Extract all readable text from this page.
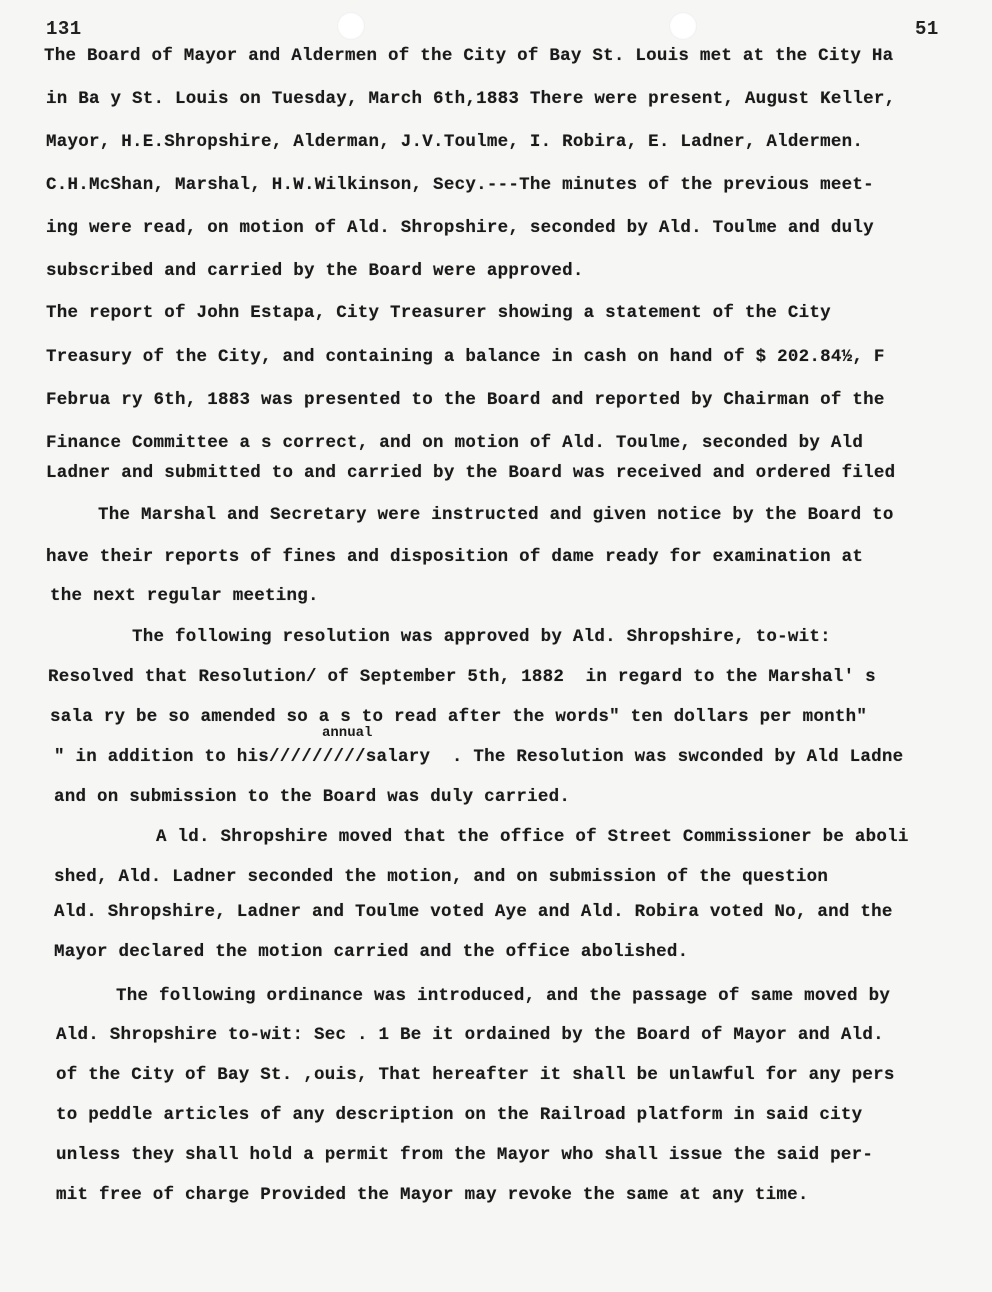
131	51
The Board of Mayor and Aldermen of the City of Bay St. Louis met at the City Ha
in Ba y St. Louis on Tuesday, March 6th,1883 There were present, August Keller,
Mayor, H.E.Shropshire, Alderman, J.V.Toulme, I. Robira, E. Ladner, Aldermen.
C.H.McShan, Marshal, H.W.Wilkinson, Secy.---The minutes of the previous meet-
ing were read, on motion of Ald. Shropshire, seconded by Ald. Toulme and duly
subscribed and carried by the Board were approved.
The report of John Estapa, City Treasurer showing a statement of the City
Treasury of the City, and containing a balance in cash on hand of $ 202.84½, F
Februa ry 6th, 1883 was presented to the Board and reported by Chairman of the
Finance Committee a s correct, and on motion of Ald. Toulme, seconded by Ald
Ladner and submitted to and carried by the Board was received and ordered filed
The Marshal and Secretary were instructed and given notice by the Board to
have their reports of fines and disposition of dame ready for examination at
the next regular meeting.
The following resolution was approved by Ald. Shropshire, to-wit:
Resolved that Resolution/ of September 5th, 1882  in regard to the Marshal' s
sala ry be so amended so a s to read after the words" ten dollars per month"
annual
" in addition to his/////////salary  . The Resolution was swconded by Ald Ladne
and on submission to the Board was duly carried.
A ld. Shropshire moved that the office of Street Commissioner be aboli
shed, Ald. Ladner seconded the motion, and on submission of the question
Ald. Shropshire, Ladner and Toulme voted Aye and Ald. Robira voted No, and the
Mayor declared the motion carried and the office abolished.
The following ordinance was introduced, and the passage of same moved by
Ald. Shropshire to-wit: Sec . 1 Be it ordained by the Board of Mayor and Ald.
of the City of Bay St. ,ouis, That hereafter it shall be unlawful for any pers
to peddle articles of any description on the Railroad platform in said city
unless they shall hold a permit from the Mayor who shall issue the said per-
mit free of charge Provided the Mayor may revoke the same at any time.
